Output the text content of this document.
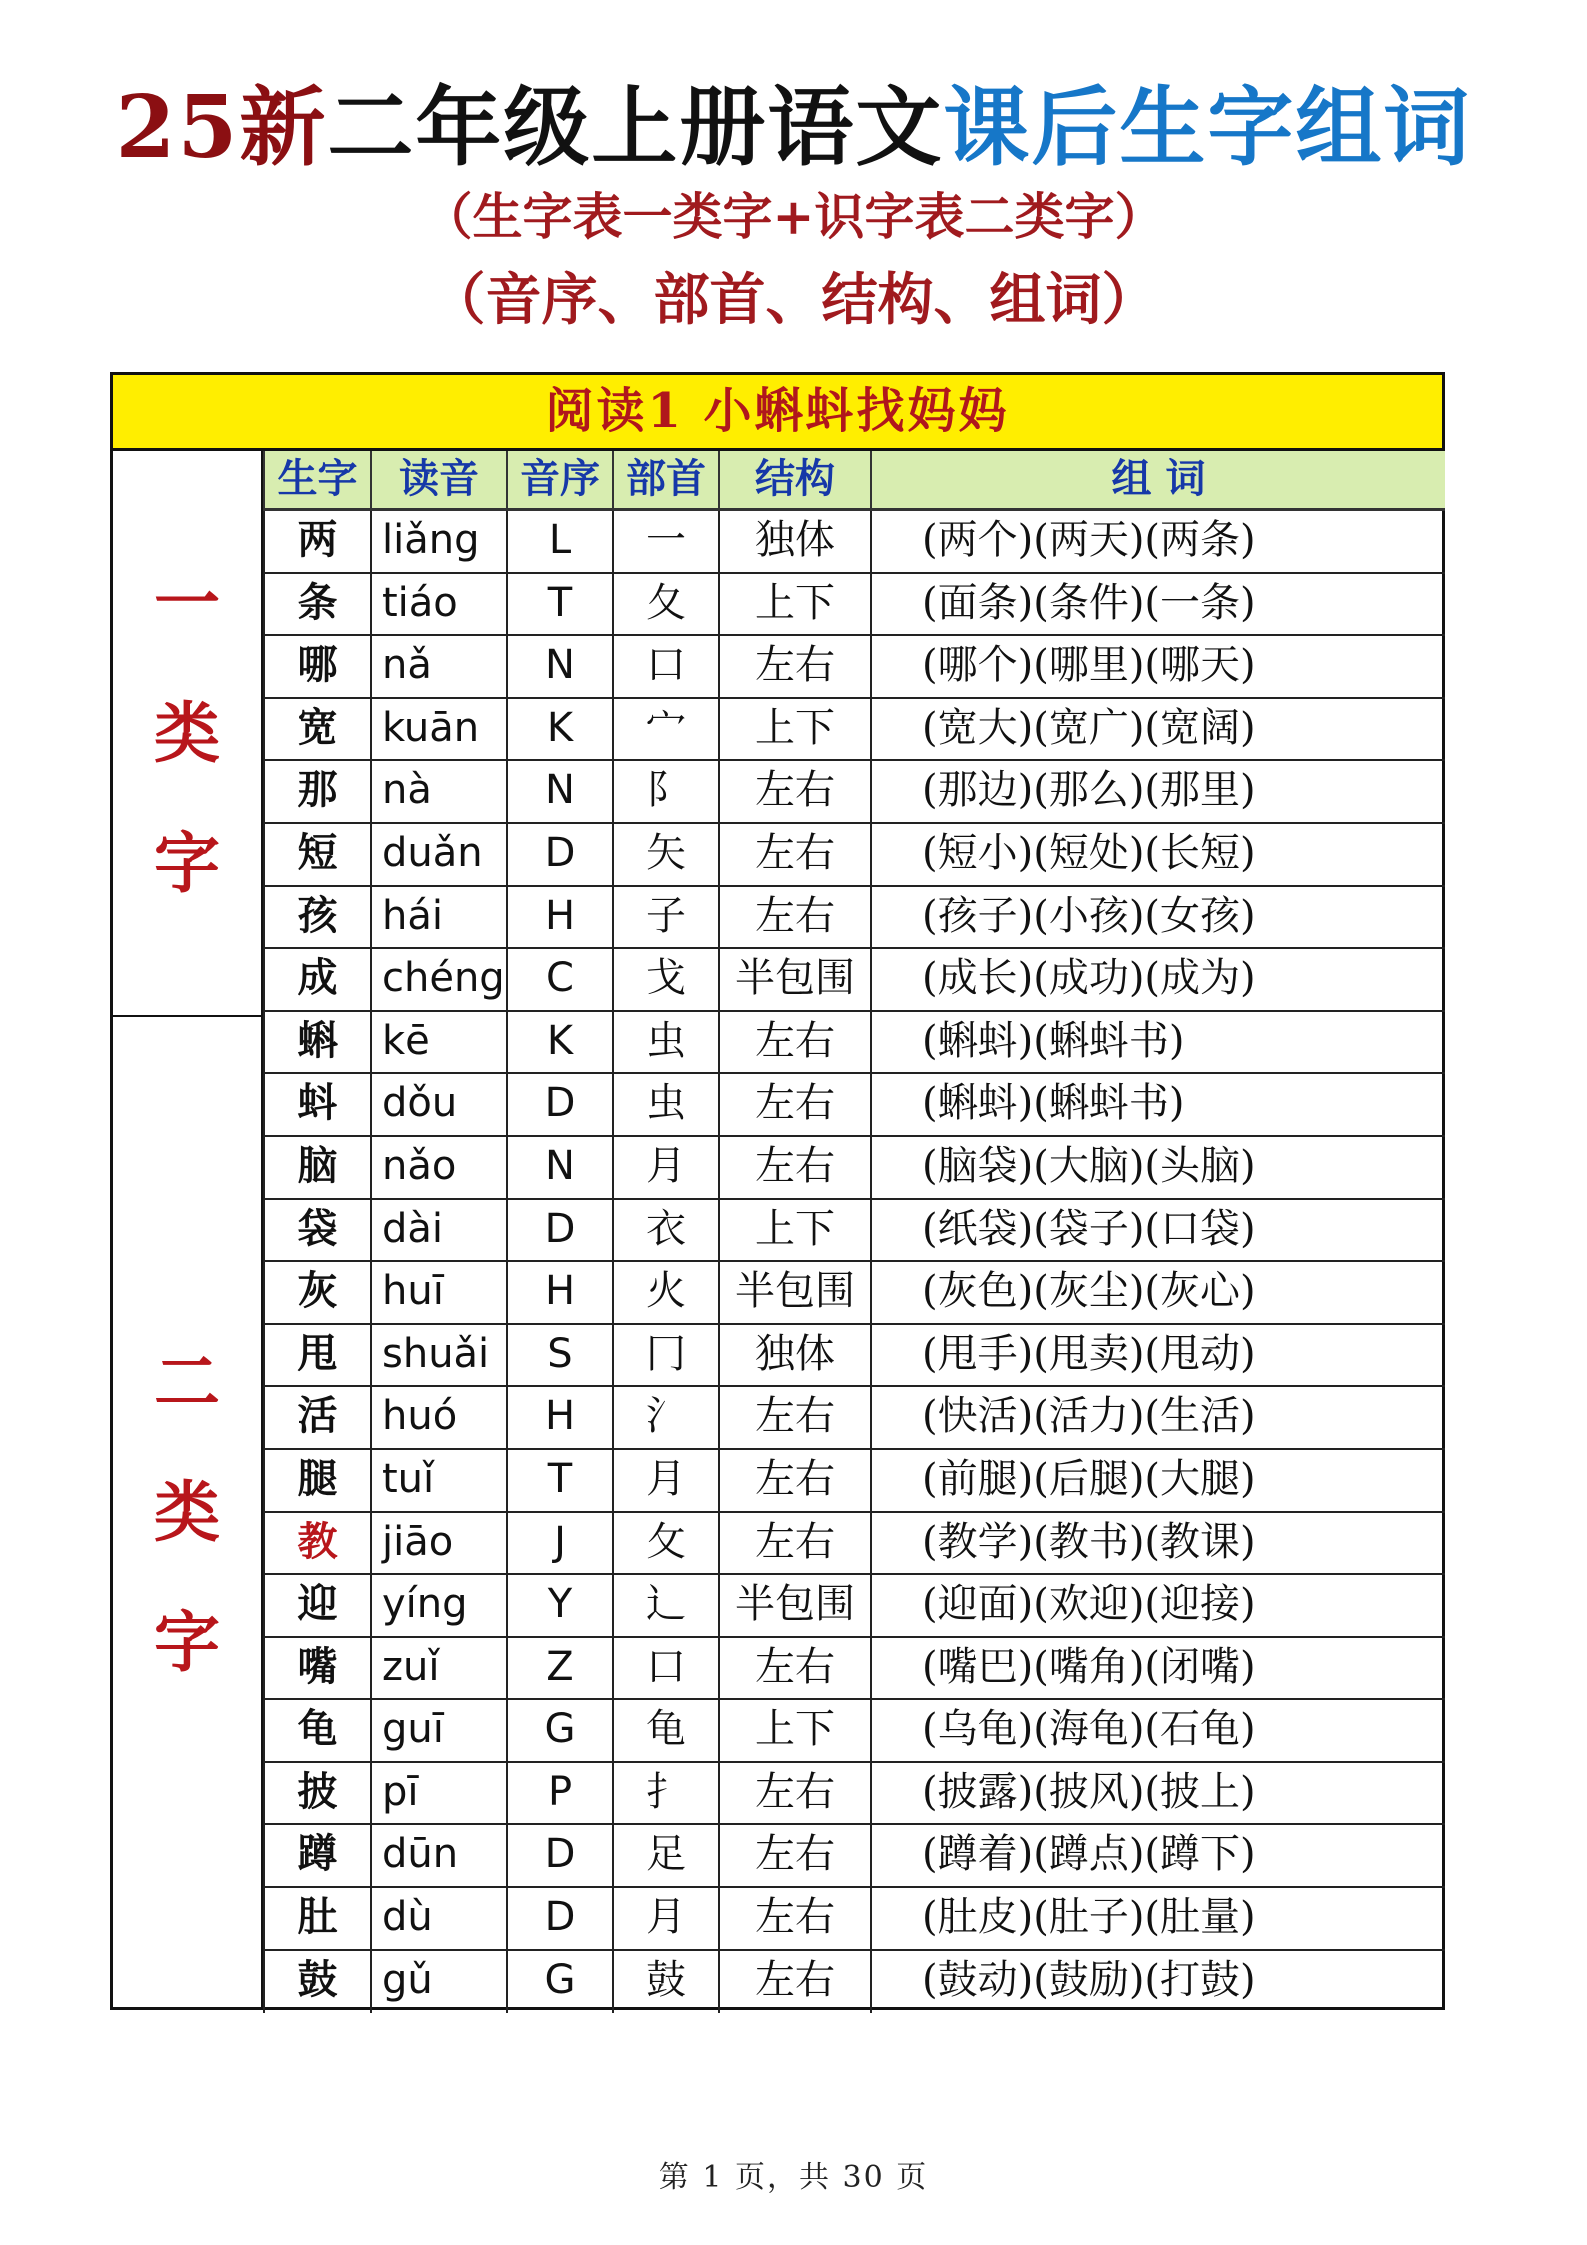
25新二年级上册语文课后生字组词
（生字表一类字+识字表二类字）
（音序、部首、结构、组词）
阅读1 小蝌蚪找妈妈
生字	读音	音序 部首	结构	组 词
一
类
字
二
类
字
两	liǎng	L	一	独体	(两个)(两天)(两条)
条	tiáo	T	夂	上下	(面条)(条件)(一条)
哪	nǎ	N	口	左右	(哪个)(哪里)(哪天)
宽	kuān	K	宀	上下	(宽大)(宽广)(宽阔)
那	nà	N	阝	左右	(那边)(那么)(那里)
短	duǎn	D	矢	左右	(短小)(短处)(长短)
孩	hái	H	子	左右	(孩子)(小孩)(女孩)
成	chéng	C	戈	半包围	(成长)(成功)(成为)
蝌	kē	K	虫	左右	(蝌蚪)(蝌蚪书)
蚪	dǒu	D	虫	左右	(蝌蚪)(蝌蚪书)
脑	nǎo	N	月	左右	(脑袋)(大脑)(头脑)
袋	dài	D	衣	上下	(纸袋)(袋子)(口袋)
灰	huī	H	火	半包围	(灰色)(灰尘)(灰心)
甩	shuǎi	S	冂	独体	(甩手)(甩卖)(甩动)
活	huó	H	氵	左右	(快活)(活力)(生活)
腿	tuǐ	T	月	左右	(前腿)(后腿)(大腿)
教	jiāo	J	攵	左右	(教学)(教书)(教课)
迎	yíng	Y	辶	半包围	(迎面)(欢迎)(迎接)
嘴	zuǐ	Z	口	左右	(嘴巴)(嘴角)(闭嘴)
龟	guī	G	龟	上下	(乌龟)(海龟)(石龟)
披	pī	P	扌	左右	(披露)(披风)(披上)
蹲	dūn	D	足	左右	(蹲着)(蹲点)(蹲下)
肚	dù	D	月	左右	(肚皮)(肚子)(肚量)
鼓	gǔ	G	鼓	左右	(鼓动)(鼓励)(打鼓)
第 1 页，共 30 页
